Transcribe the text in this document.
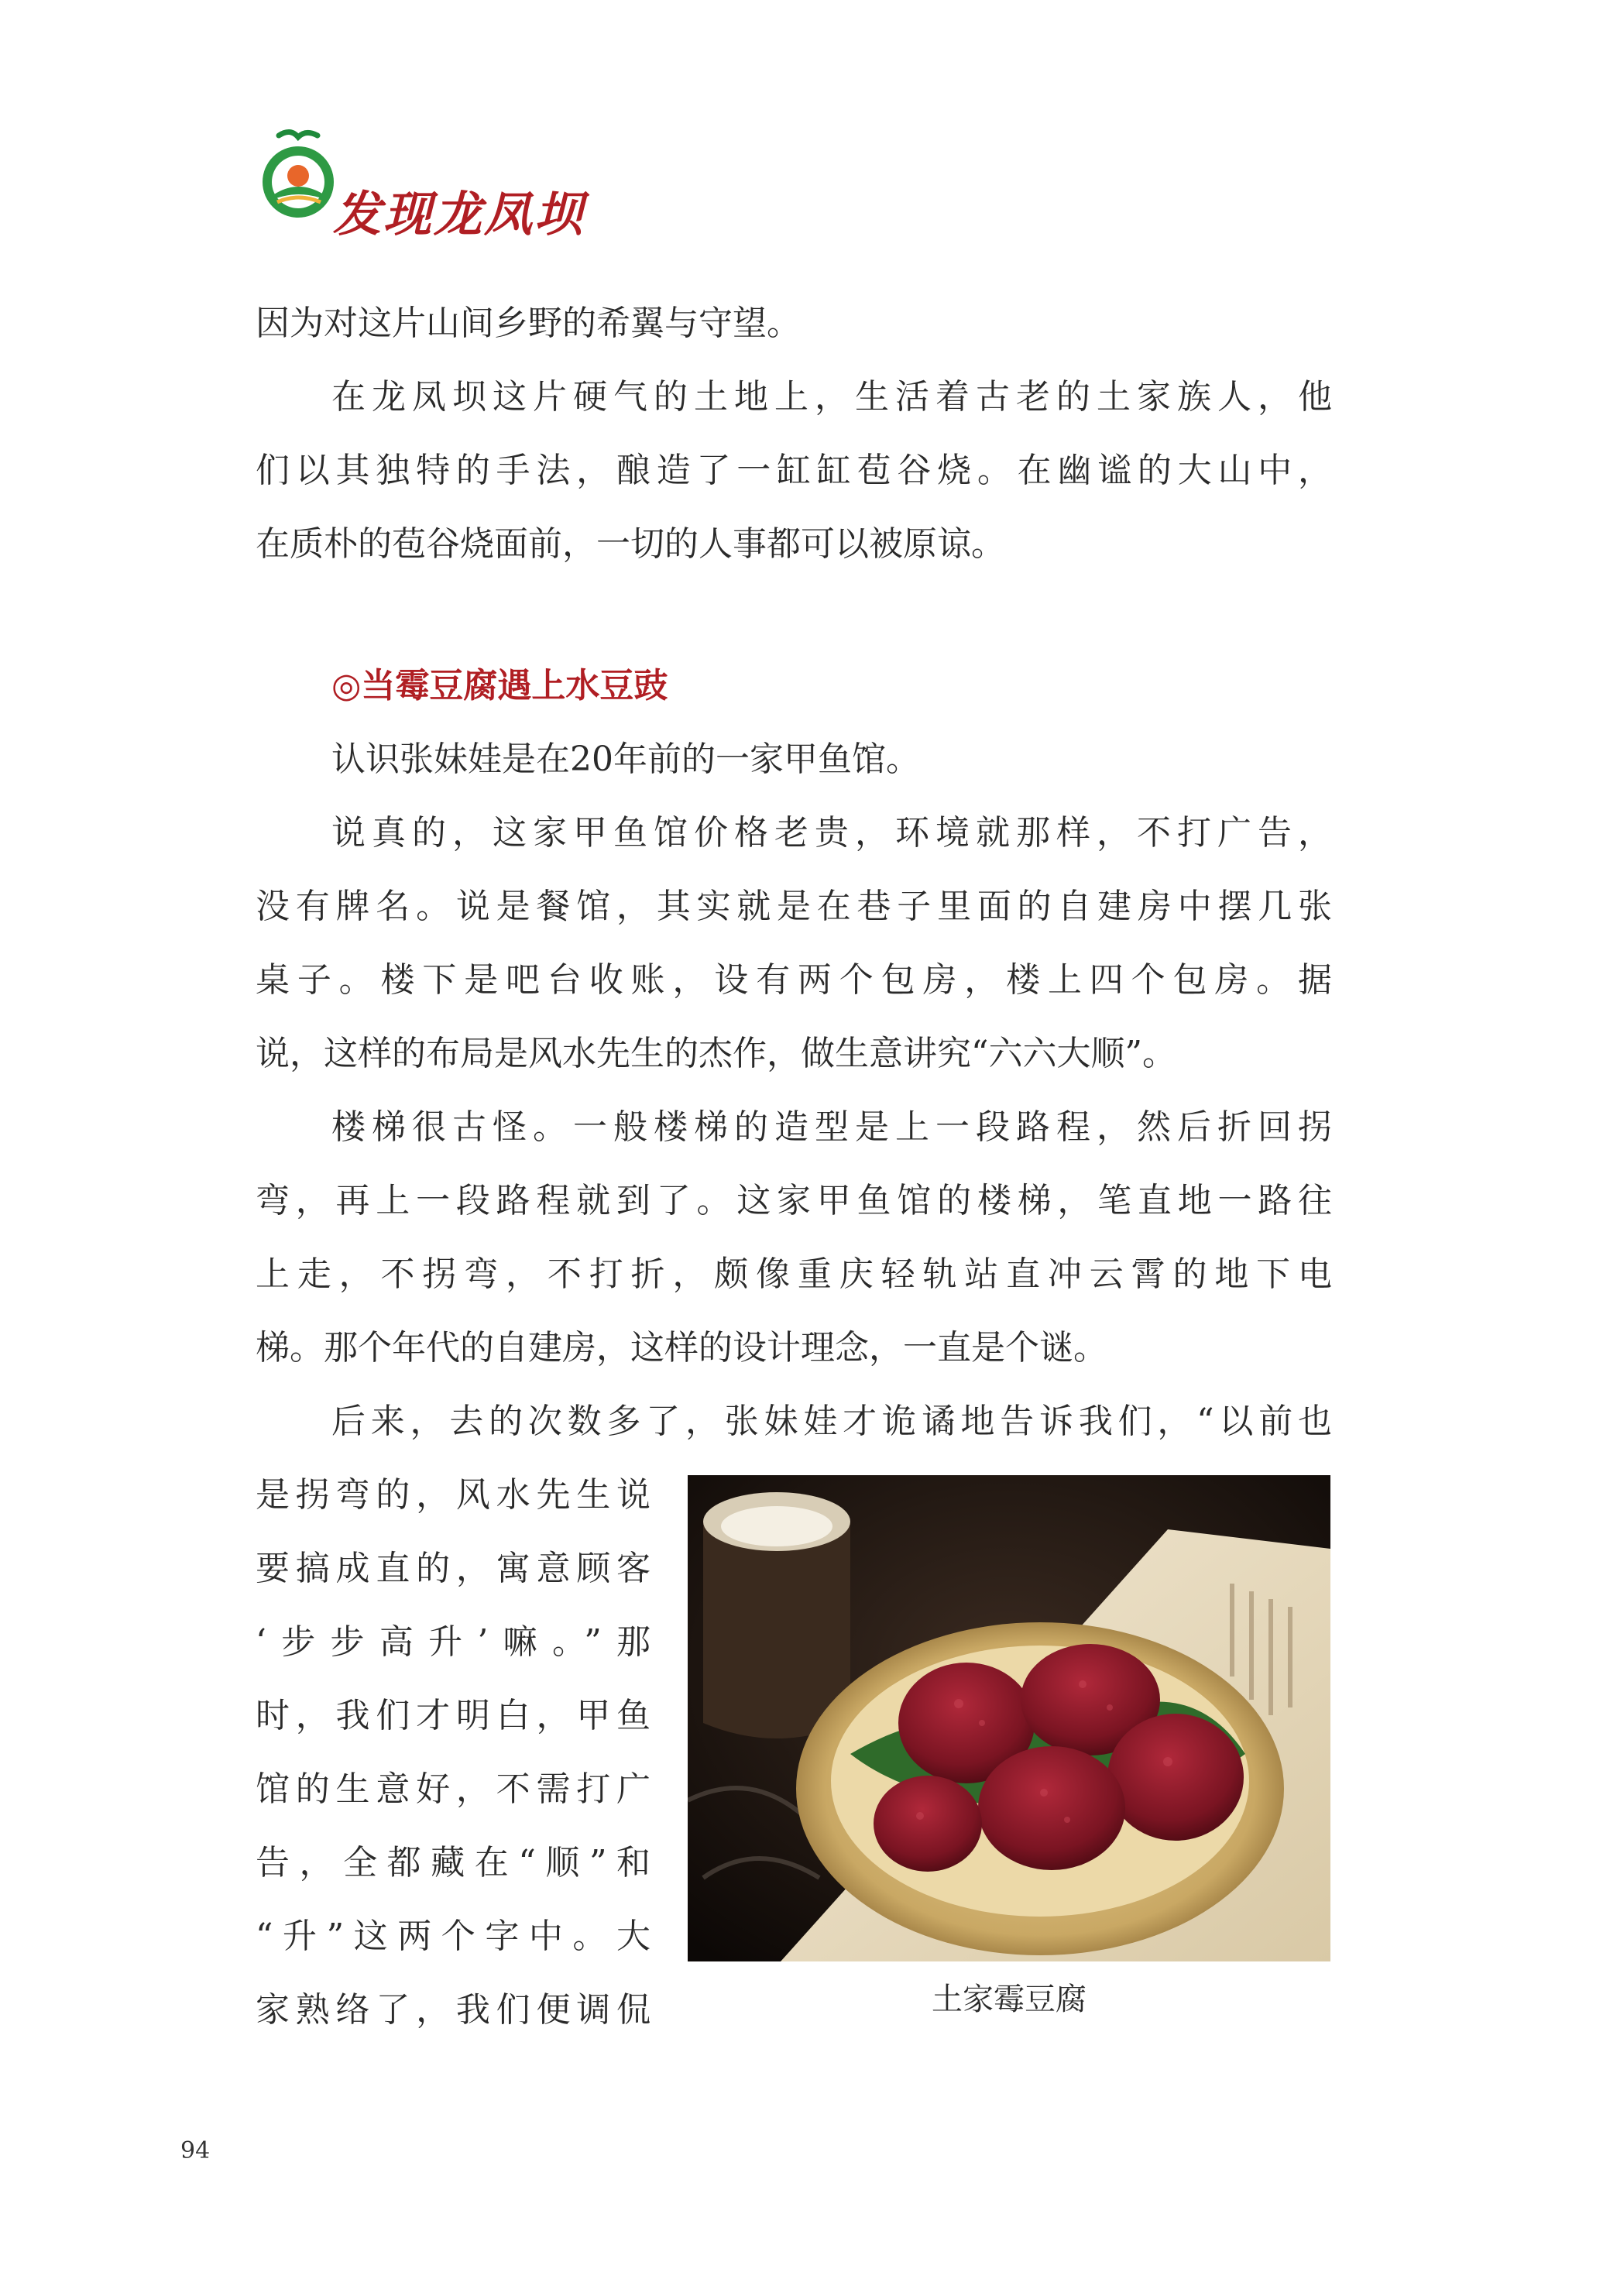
发现龙凤坝
因为对这片山间乡野的希翼与守望。
在龙凤坝这片硬气的土地上，生活着古老的土家族人，他
们以其独特的手法，酿造了一缸缸苞谷烧。在幽谧的大山中，
在质朴的苞谷烧面前，一切的人事都可以被原谅。
◎当霉豆腐遇上水豆豉
认识张妹娃是在20年前的一家甲鱼馆。
说真的，这家甲鱼馆价格老贵，环境就那样，不打广告，
没有牌名。说是餐馆，其实就是在巷子里面的自建房中摆几张
桌子。楼下是吧台收账，设有两个包房，楼上四个包房。据
说，这样的布局是风水先生的杰作，做生意讲究“六六大顺”。
楼梯很古怪。一般楼梯的造型是上一段路程，然后折回拐
弯，再上一段路程就到了。这家甲鱼馆的楼梯，笔直地一路往
上走，不拐弯，不打折，颇像重庆轻轨站直冲云霄的地下电
梯。那个年代的自建房，这样的设计理念，一直是个谜。
后来，去的次数多了，张妹娃才诡谲地告诉我们，“以前也
是拐弯的，风水先生说
要搞成直的，寓意顾客
‘步步高升’嘛。”那
时，我们才明白，甲鱼
馆的生意好，不需打广
告，全都藏在“顺”和
“升”这两个字中。大
家熟络了，我们便调侃	土家霉豆腐
94
